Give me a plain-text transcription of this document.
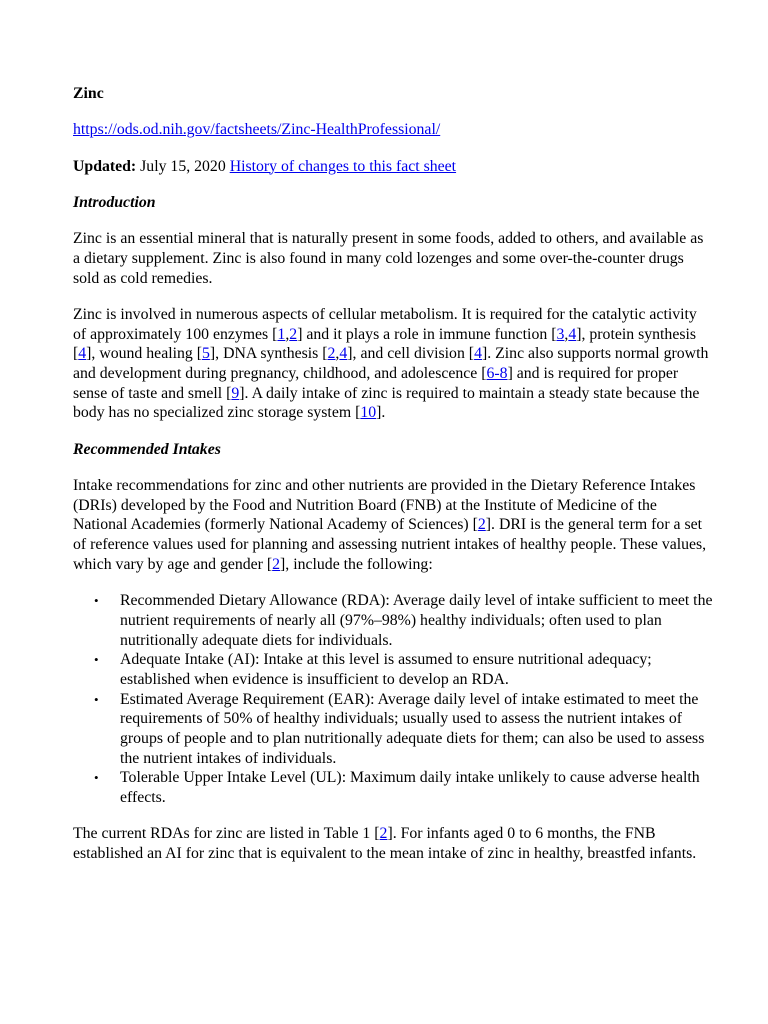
Zinc

https://ods.od.nih.gov/factsheets/Zinc-HealthProfessional/

Updated: July 15, 2020 History of changes to this fact sheet

Introduction

Zinc is an essential mineral that is naturally present in some foods, added to others, and available as a dietary supplement. Zinc is also found in many cold lozenges and some over-the-counter drugs sold as cold remedies.

Zinc is involved in numerous aspects of cellular metabolism. It is required for the catalytic activity of approximately 100 enzymes [1,2] and it plays a role in immune function [3,4], protein synthesis [4], wound healing [5], DNA synthesis [2,4], and cell division [4]. Zinc also supports normal growth and development during pregnancy, childhood, and adolescence [6-8] and is required for proper sense of taste and smell [9]. A daily intake of zinc is required to maintain a steady state because the body has no specialized zinc storage system [10].

Recommended Intakes

Intake recommendations for zinc and other nutrients are provided in the Dietary Reference Intakes (DRIs) developed by the Food and Nutrition Board (FNB) at the Institute of Medicine of the National Academies (formerly National Academy of Sciences) [2]. DRI is the general term for a set of reference values used for planning and assessing nutrient intakes of healthy people. These values, which vary by age and gender [2], include the following:

• Recommended Dietary Allowance (RDA): Average daily level of intake sufficient to meet the nutrient requirements of nearly all (97%–98%) healthy individuals; often used to plan nutritionally adequate diets for individuals.
• Adequate Intake (AI): Intake at this level is assumed to ensure nutritional adequacy; established when evidence is insufficient to develop an RDA.
• Estimated Average Requirement (EAR): Average daily level of intake estimated to meet the requirements of 50% of healthy individuals; usually used to assess the nutrient intakes of groups of people and to plan nutritionally adequate diets for them; can also be used to assess the nutrient intakes of individuals.
• Tolerable Upper Intake Level (UL): Maximum daily intake unlikely to cause adverse health effects.

The current RDAs for zinc are listed in Table 1 [2]. For infants aged 0 to 6 months, the FNB established an AI for zinc that is equivalent to the mean intake of zinc in healthy, breastfed infants.
